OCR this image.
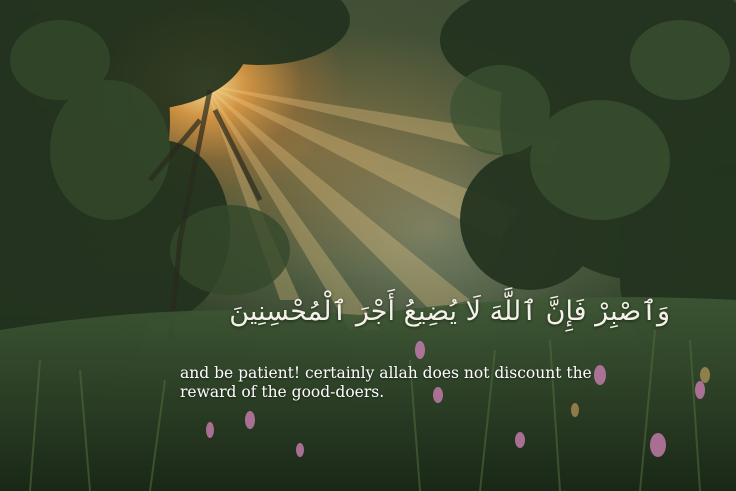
وَٱصْبِرْ فَإِنَّ ٱللَّهَ لَا يُضِيعُ أَجْرَ ٱلْمُحْسِنِينَ
and be patient! certainly allah does not discount the reward of the good-doers.
